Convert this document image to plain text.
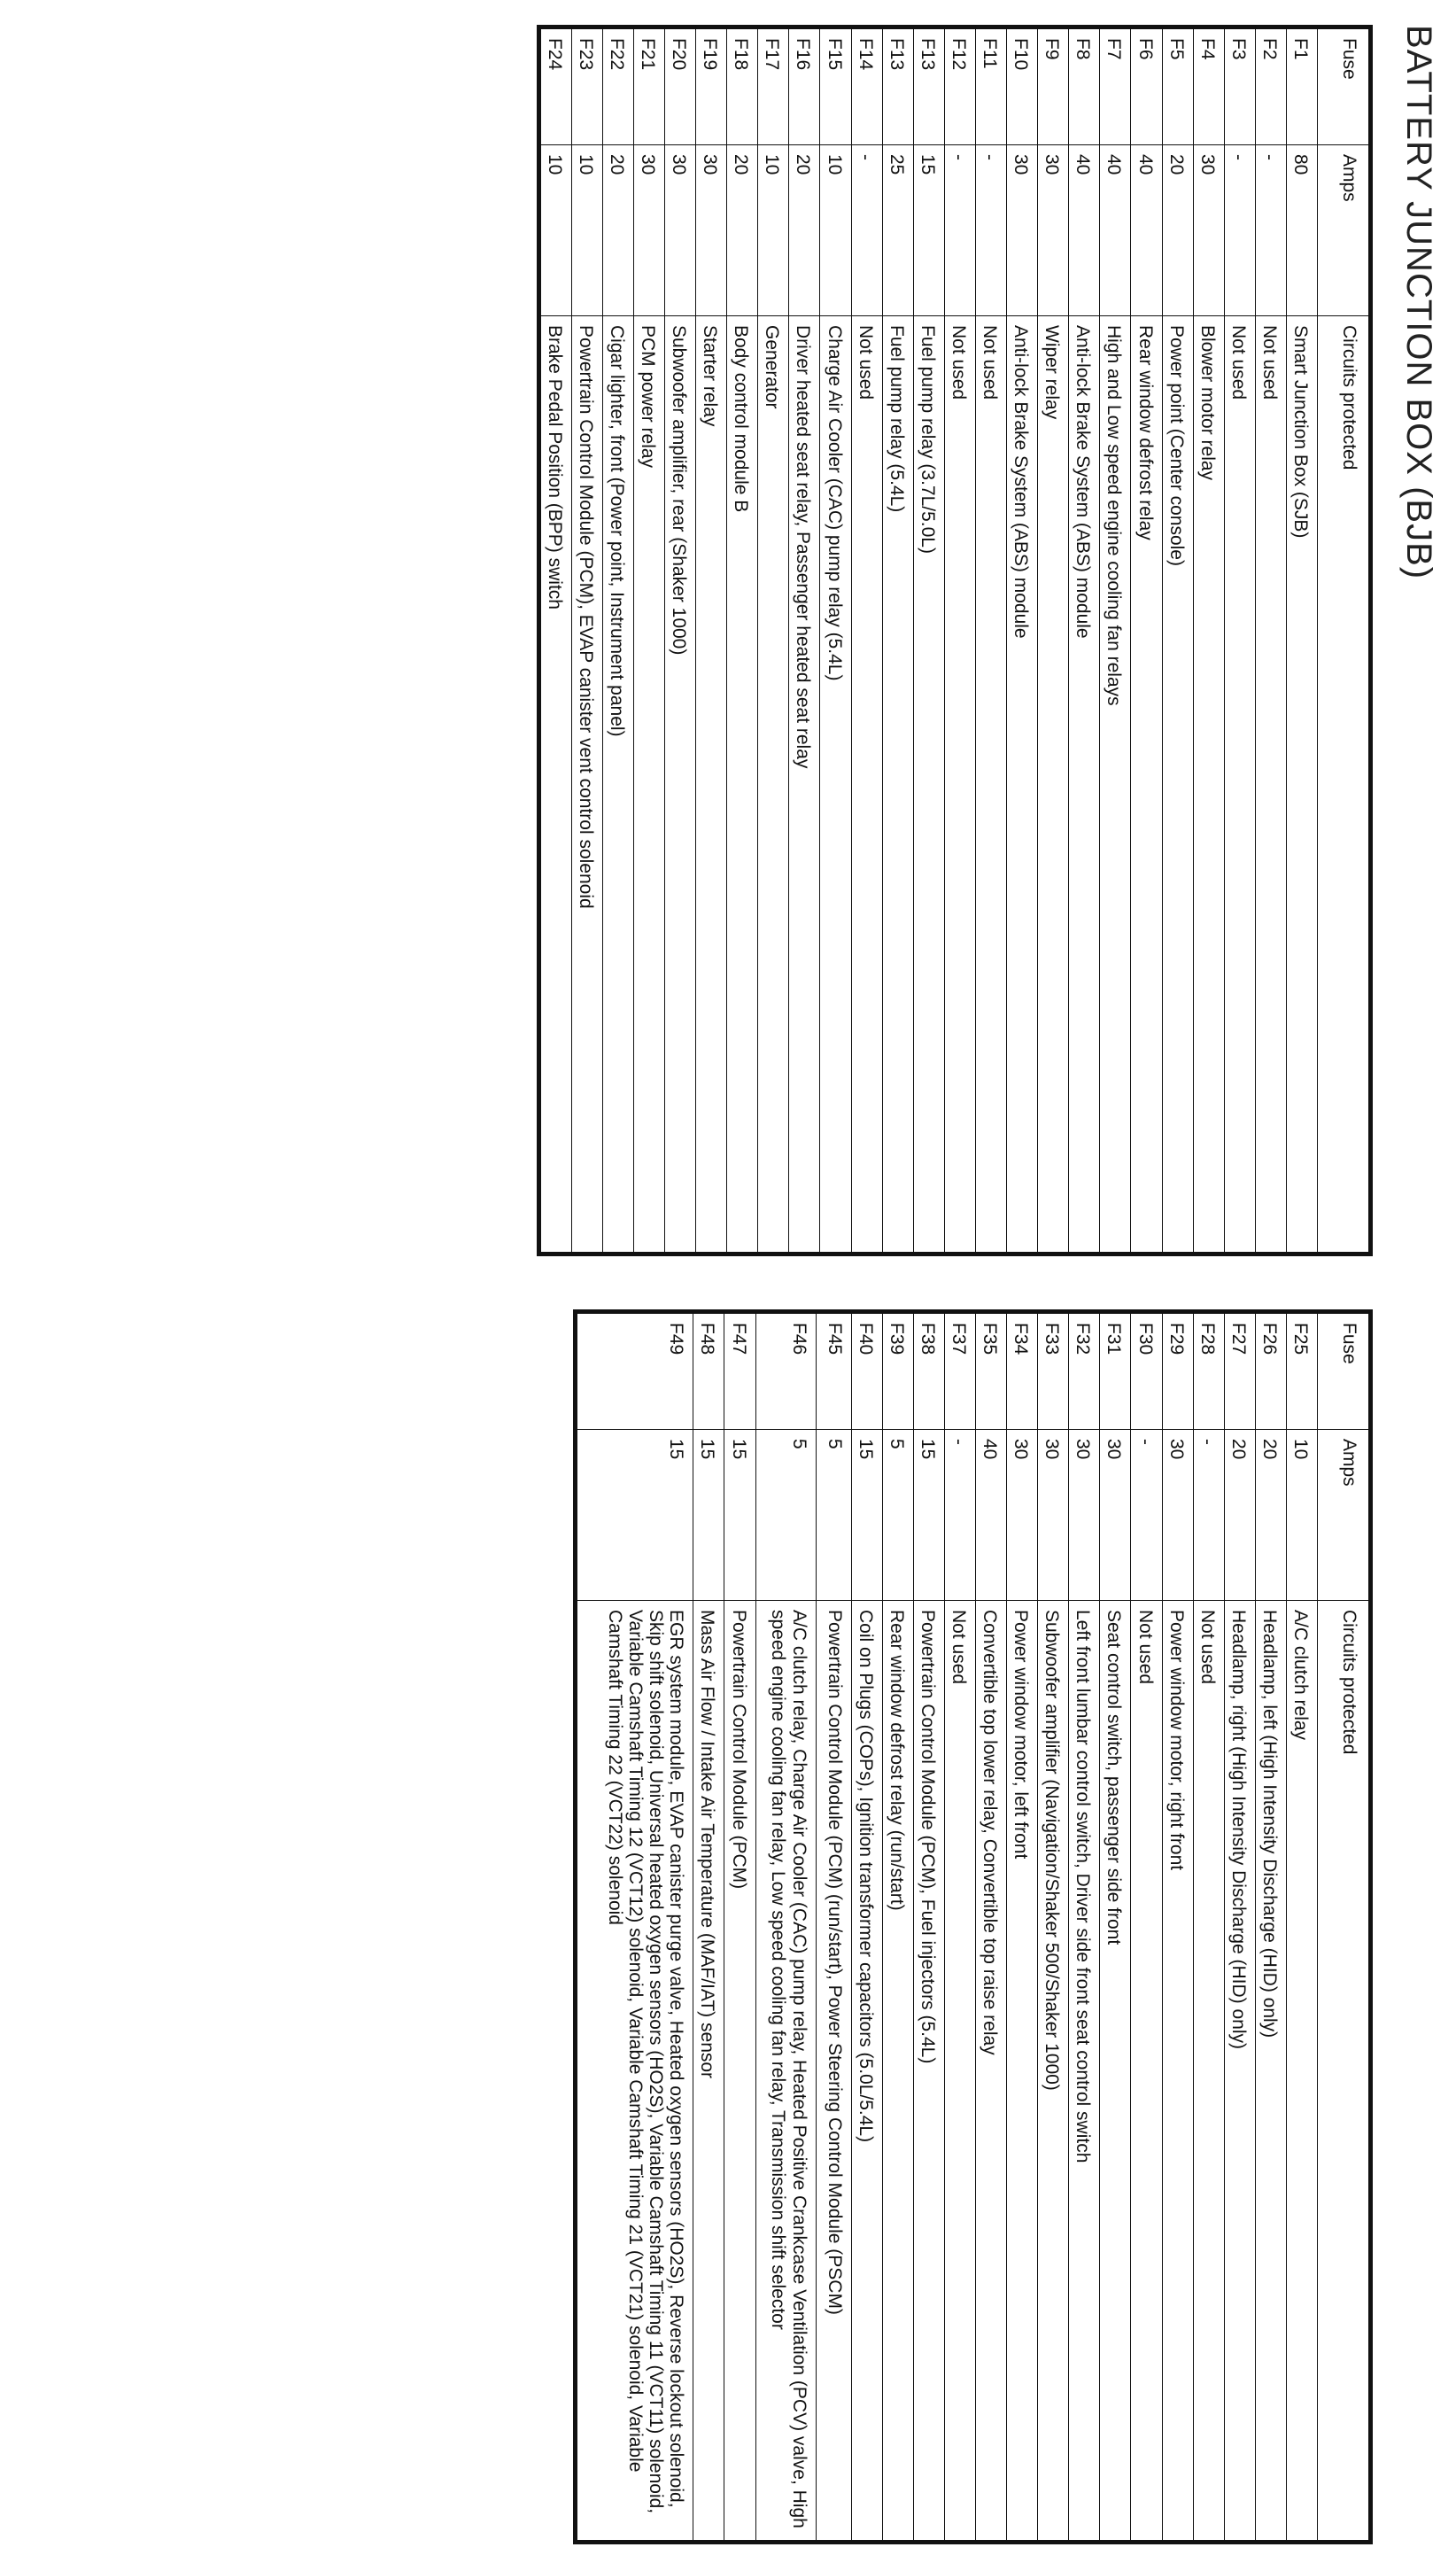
BATTERY JUNCTION BOX (BJB)
Fuse	Amps	Circuits protected
F1	80	Smart Junction Box (SJB)
F2	-	Not used
F3	-	Not used
F4	30	Blower motor relay
F5	20	Power point (Center console)
F6	40	Rear window defrost relay
F7	40	High and Low speed engine cooling fan relays
F8	40	Anti-lock Brake System (ABS) module
F9	30	Wiper relay
F10	30	Anti-lock Brake System (ABS) module
F11	-	Not used
F12	-	Not used
F13	15	Fuel pump relay (3.7L/5.0L)
F13	25	Fuel pump relay (5.4L)
F14	-	Not used
F15	10	Charge Air Cooler (CAC) pump relay (5.4L)
F16	20	Driver heated seat relay, Passenger heated seat relay
F17	10	Generator
F18	20	Body control module B
F19	30	Starter relay
F20	30	Subwoofer amplifier, rear (Shaker 1000)
F21	30	PCM power relay
F22	20	Cigar lighter, front (Power point, Instrument panel)
F23	10	Powertrain Control Module (PCM), EVAP canister vent control solenoid
F24	10	Brake Pedal Position (BPP) switch
Fuse	Amps	Circuits protected
F25	10	A/C clutch relay
F26	20	Headlamp, left (High Intensity Discharge (HID) only)
F27	20	Headlamp, right (High Intensity Discharge (HID) only)
F28	-	Not used
F29	30	Power window motor, right front
F30	-	Not used
F31	30	Seat control switch, passenger side front
F32	30	Left front lumbar control switch, Driver side front seat control switch
F33	30	Subwoofer amplifier (Navigation/Shaker 500/Shaker 1000)
F34	30	Power window motor, left front
F35	40	Convertible top lower relay, Convertible top raise relay
F37	-	Not used
F38	15	Powertrain Control Module (PCM), Fuel injectors (5.4L)
F39	5	Rear window defrost relay (run/start)
F40	15	Coil on Plugs (COPs), Ignition transformer capacitors (5.0L/5.4L)
F45	5	Powertrain Control Module (PCM) (run/start), Power Steering Control Module (PSCM)
F46	5	A/C clutch relay, Charge Air Cooler (CAC) pump relay, Heated Positive Crankcase Ventilation (PCV) valve, High speed engine cooling fan relay, Low speed cooling fan relay, Transmission shift selector
F47	15	Powertrain Control Module (PCM)
F48	15	Mass Air Flow / Intake Air Temperature (MAF/IAT) sensor
F49	15	EGR system module, EVAP canister purge valve, Heated oxygen sensors (HO2S), Reverse lockout solenoid, Skip shift solenoid, Universal heated oxygen sensors (HO2S), Variable Camshaft Timing 11 (VCT11) solenoid, Variable Camshaft Timing 12 (VCT12) solenoid, Variable Camshaft Timing 21 (VCT21) solenoid, Variable Camshaft Timing 22 (VCT22) solenoid
